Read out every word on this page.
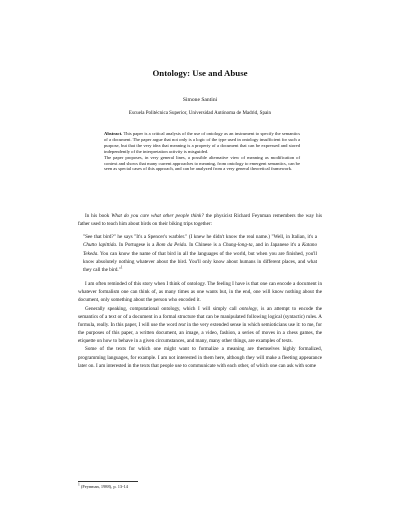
Ontology: Use and Abuse
Simone Santini
Escuela Politécnica Superior, Universidad Autónoma de Madrid, Spain

Abstract. This paper is a critical analysis of the use of ontology as an instrument to specify the semantics of a document. The paper argue that not only is a logic of the type used in ontology insufficient for such a purpose, but that the very idea that meaning is a property of a document that can be expressed and stored independently of the interpretation activity is misguided.

The paper proposes, in very general lines, a possible alternative view of meaning as modification of context and shows that many current approaches to meaning, from ontology to emergent semantics, can be seen as special cases of this approach, and can be analyzed from a very general theoretical framework.

In his book What do you care what other people think? the physicist Richard Feynman remembers the way his father used to teach him about birds on their biking trips together:

"See that bird?" he says "It's a Spencer's warbler." (I knew he didn't know the real name.) "Well, in Italian, it's a Chutto lapittida. In Portugese is a Bom da Peida. In Chinese is a Chung-long-ta, and in Japanese it's a Katano Tekeda. You can know the name of that bird in all the languages of the world, but when you are finished, you'll know absolutely nothing whatever about the bird. You'll only know about humans in different places, and what they call the bird."$^1$

I am often reminded of this story when I think of ontology. The feeling I have is that one can encode a document in whatever formalism one can think of, as many times as one wants but, in the end, one will know nothing about the document, only something about the person who encoded it.

Generally speaking, computational ontology, which I will simply call ontology, is an attempt to encode the semantics of a text or of a document in a formal structure that can be manipulated following logical (syntactic) rules. A formula, really. In this paper, I will use the word text in the very extended sense in which semioticians use it: to me, for the purposes of this paper, a written document, an image, a video, fashion, a series of moves in a chess games, the etiquette on how to behave in a given circumstances, and many, many other things, are examples of texts.

Some of the texts for which one might want to formalize a meaning are themselves highly formalized, programming languages, for example. I am not interested in them here, although they will make a fleeting appearance later on. I am interested in the texts that people use to communicate with each other, of which one can ask with some

$^1$ (Feynman, 1988), p. 13-14
